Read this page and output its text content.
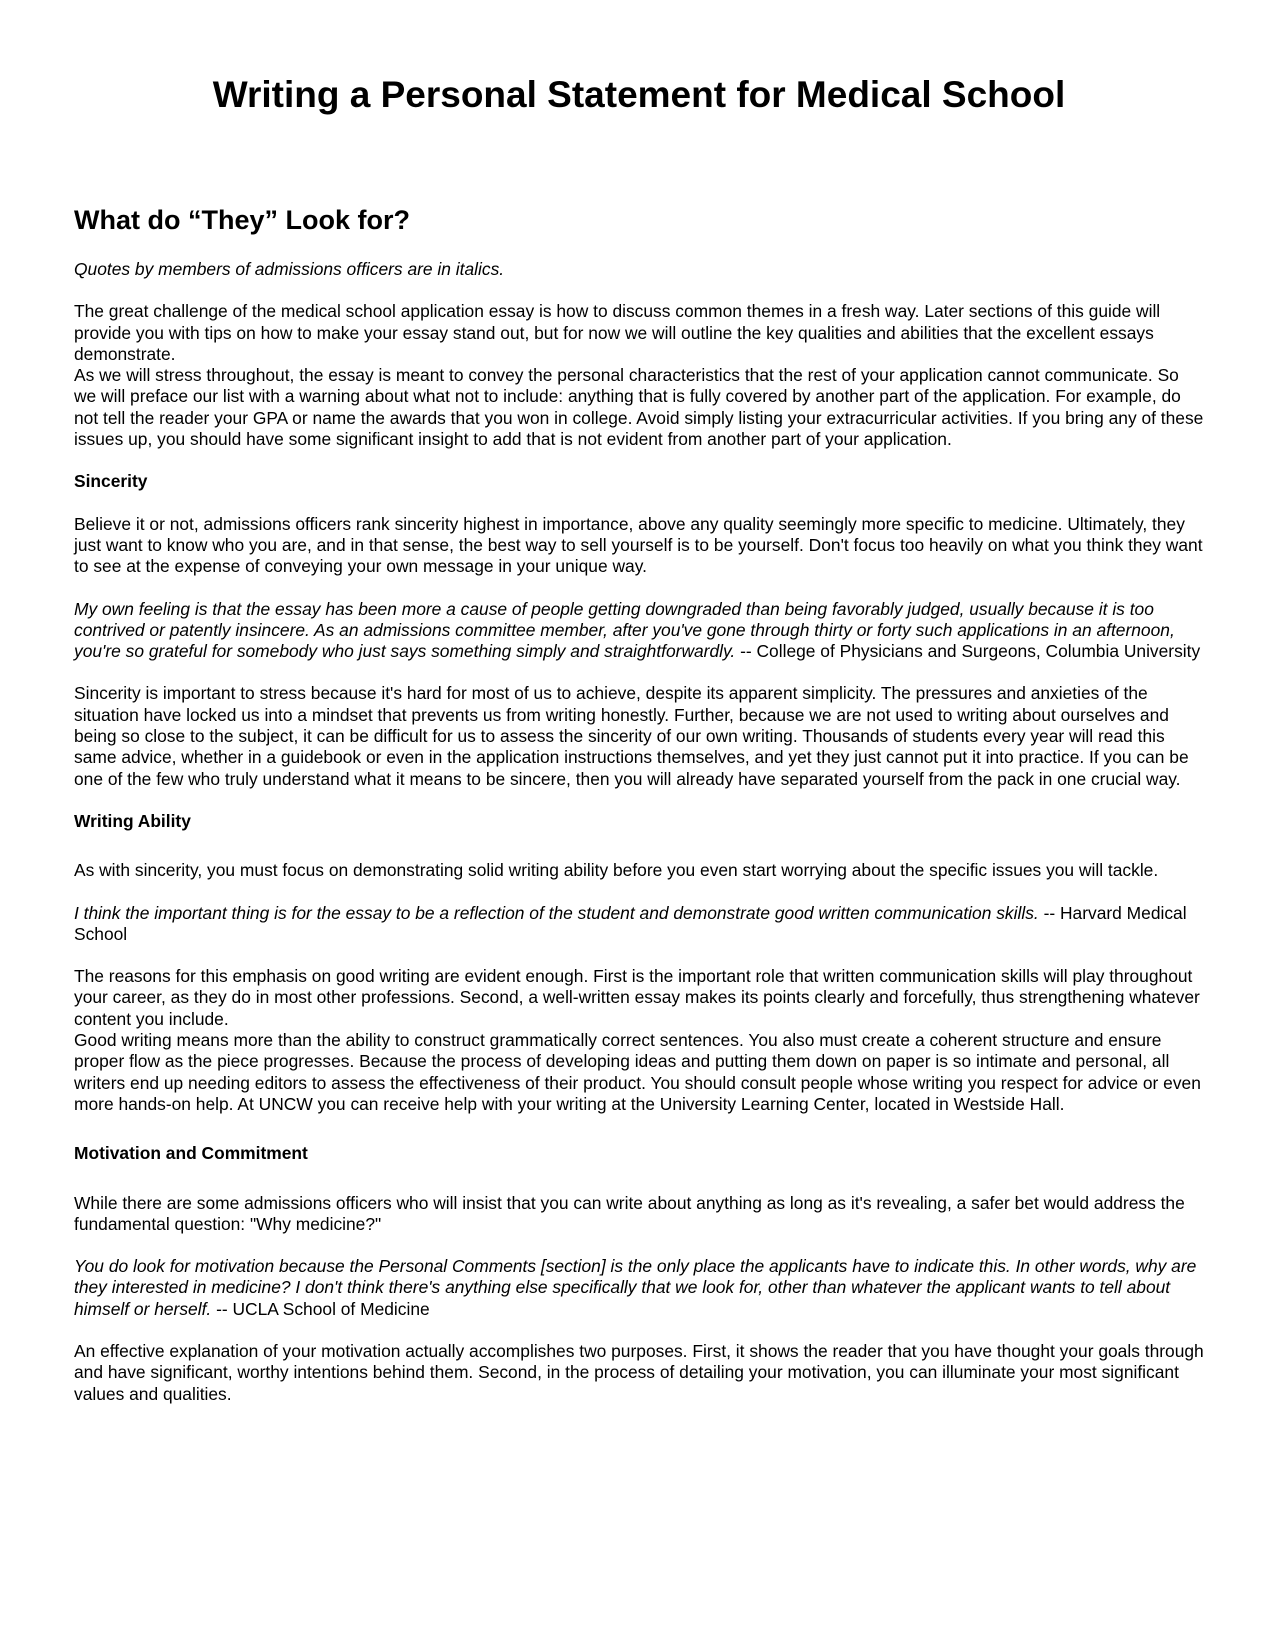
Writing a Personal Statement for Medical School
What do “They” Look for?

Quotes by members of admissions officers are in italics.

The great challenge of the medical school application essay is how to discuss common themes in a fresh way. Later sections of this guide will provide you with tips on how to make your essay stand out, but for now we will outline the key qualities and abilities that the excellent essays demonstrate.

As we will stress throughout, the essay is meant to convey the personal characteristics that the rest of your application cannot communicate. So we will preface our list with a warning about what not to include: anything that is fully covered by another part of the application. For example, do not tell the reader your GPA or name the awards that you won in college. Avoid simply listing your extracurricular activities. If you bring any of these issues up, you should have some significant insight to add that is not evident from another part of your application.

Sincerity

Believe it or not, admissions officers rank sincerity highest in importance, above any quality seemingly more specific to medicine. Ultimately, they just want to know who you are, and in that sense, the best way to sell yourself is to be yourself. Don't focus too heavily on what you think they want to see at the expense of conveying your own message in your unique way.

My own feeling is that the essay has been more a cause of people getting downgraded than being favorably judged, usually because it is too contrived or patently insincere. As an admissions committee member, after you've gone through thirty or forty such applications in an afternoon, you're so grateful for somebody who just says something simply and straightforwardly. -- College of Physicians and Surgeons, Columbia University

Sincerity is important to stress because it's hard for most of us to achieve, despite its apparent simplicity. The pressures and anxieties of the situation have locked us into a mindset that prevents us from writing honestly. Further, because we are not used to writing about ourselves and being so close to the subject, it can be difficult for us to assess the sincerity of our own writing. Thousands of students every year will read this same advice, whether in a guidebook or even in the application instructions themselves, and yet they just cannot put it into practice. If you can be one of the few who truly understand what it means to be sincere, then you will already have separated yourself from the pack in one crucial way.

Writing Ability

As with sincerity, you must focus on demonstrating solid writing ability before you even start worrying about the specific issues you will tackle.

I think the important thing is for the essay to be a reflection of the student and demonstrate good written communication skills. -- Harvard Medical School

The reasons for this emphasis on good writing are evident enough. First is the important role that written communication skills will play throughout your career, as they do in most other professions. Second, a well-written essay makes its points clearly and forcefully, thus strengthening whatever content you include.

Good writing means more than the ability to construct grammatically correct sentences. You also must create a coherent structure and ensure proper flow as the piece progresses. Because the process of developing ideas and putting them down on paper is so intimate and personal, all writers end up needing editors to assess the effectiveness of their product. You should consult people whose writing you respect for advice or even more hands-on help. At UNCW you can receive help with your writing at the University Learning Center, located in Westside Hall.

Motivation and Commitment

While there are some admissions officers who will insist that you can write about anything as long as it's revealing, a safer bet would address the fundamental question: "Why medicine?"

You do look for motivation because the Personal Comments [section] is the only place the applicants have to indicate this. In other words, why are they interested in medicine? I don't think there's anything else specifically that we look for, other than whatever the applicant wants to tell about himself or herself. -- UCLA School of Medicine

An effective explanation of your motivation actually accomplishes two purposes. First, it shows the reader that you have thought your goals through and have significant, worthy intentions behind them. Second, in the process of detailing your motivation, you can illuminate your most significant values and qualities.
